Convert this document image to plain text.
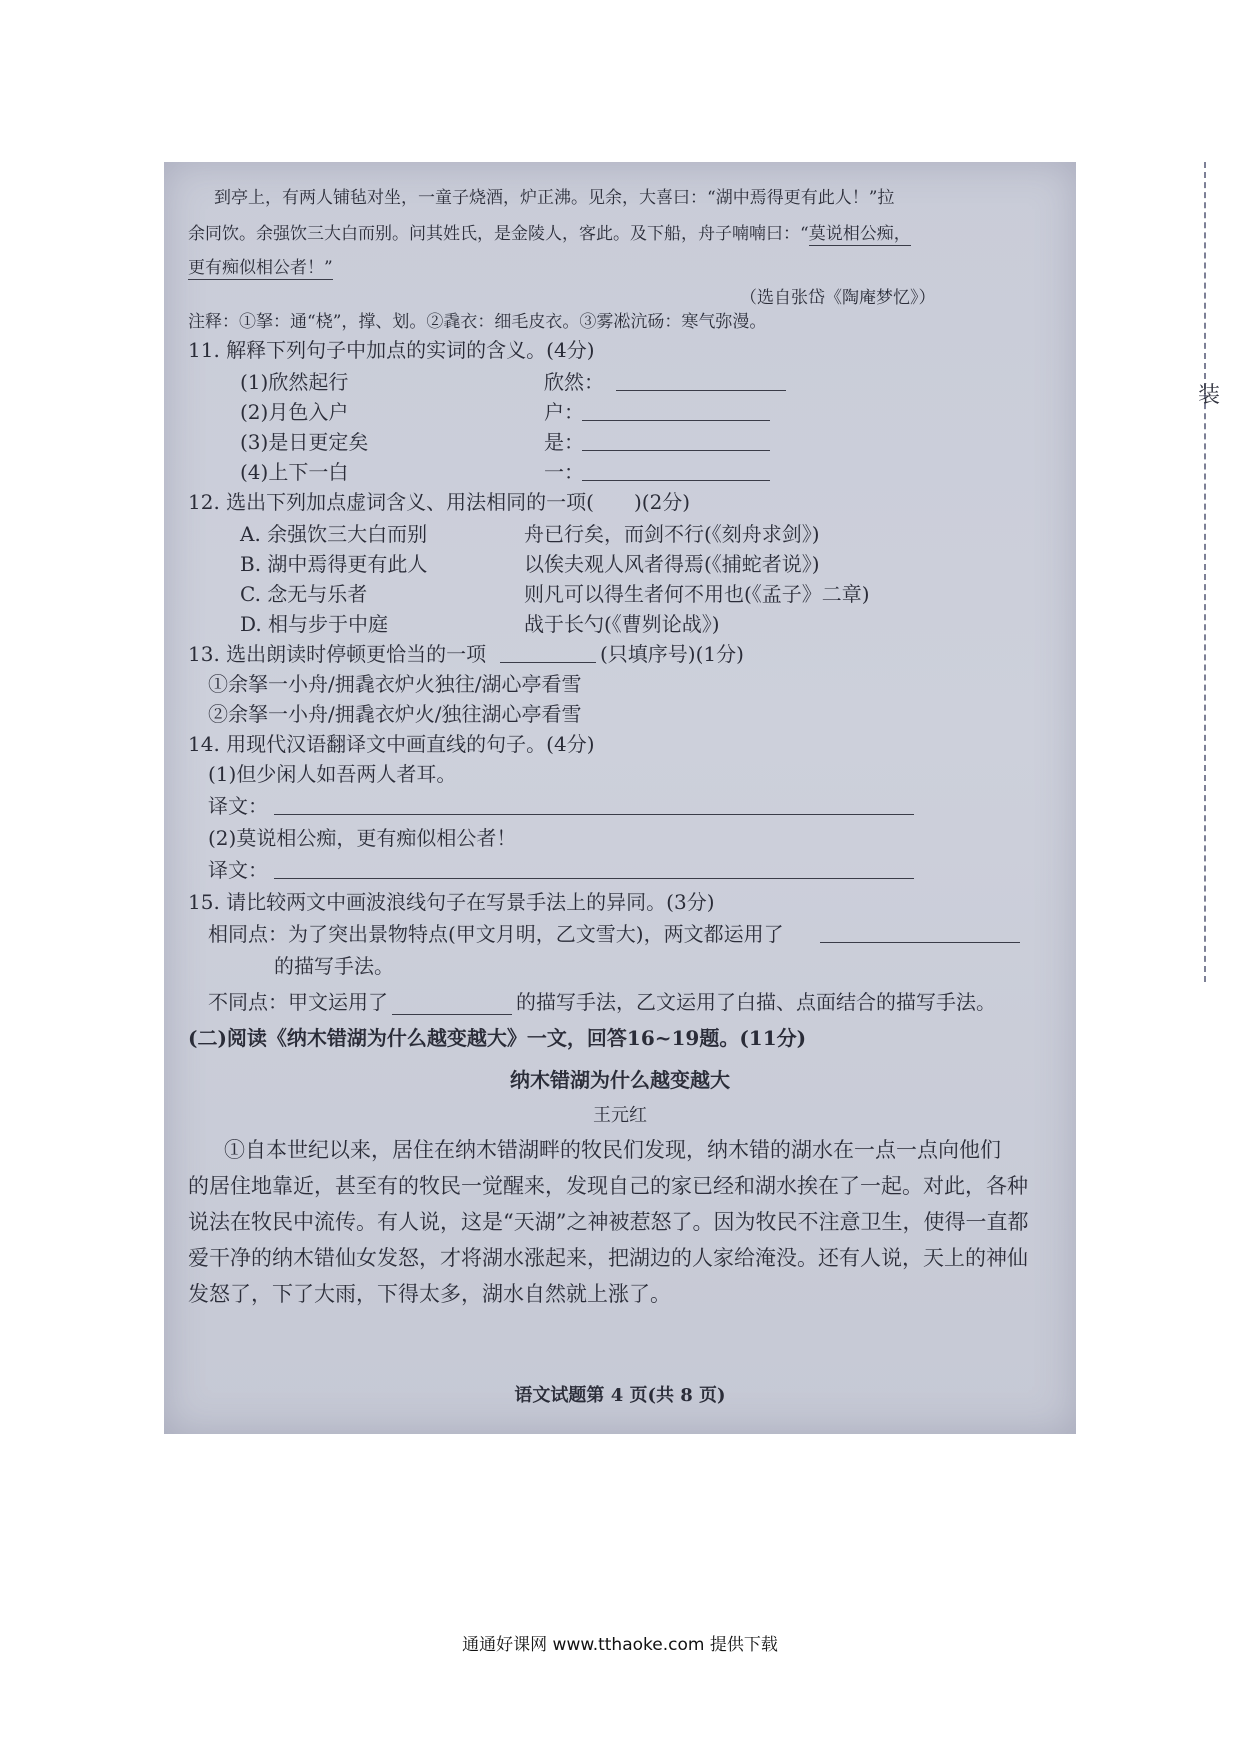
装
到亭上，有两人铺毡对坐，一童子烧酒，炉正沸。见余，大喜曰：“湖中焉得更有此人！”拉
余同饮。余强饮三大白而别。问其姓氏，是金陵人，客此。及下船，舟子喃喃曰：“莫说相公痴，
更有痴似相公者！”
（选自张岱《陶庵梦忆》）
注释：①拏：通“桡”，撑、划。②毳衣：细毛皮衣。③雾凇沆砀：寒气弥漫。
11. 解释下列句子中加点的实词的含义。(4分)
(1)欣然起行	欣然：
(2)月色入户	户：
(3)是日更定矣	是：
(4)上下一白	一：
12. 选出下列加点虚词含义、用法相同的一项(　　)(2分)
A. 余强饮三大白而别	舟已行矣，而剑不行(《刻舟求剑》)
B. 湖中焉得更有此人	以俟夫观人风者得焉(《捕蛇者说》)
C. 念无与乐者	则凡可以得生者何不用也(《孟子》二章)
D. 相与步于中庭	战于长勺(《曹刿论战》)
13. 选出朗读时停顿更恰当的一项	(只填序号)(1分)
①余拏一小舟/拥毳衣炉火独往/湖心亭看雪
②余拏一小舟/拥毳衣炉火/独往湖心亭看雪
14. 用现代汉语翻译文中画直线的句子。(4分)
(1)但少闲人如吾两人者耳。
译文：
(2)莫说相公痴，更有痴似相公者！
译文：
15. 请比较两文中画波浪线句子在写景手法上的异同。(3分)
相同点：为了突出景物特点(甲文月明，乙文雪大)，两文都运用了
的描写手法。
不同点：甲文运用了	的描写手法，乙文运用了白描、点面结合的描写手法。
(二)阅读《纳木错湖为什么越变越大》一文，回答16~19题。(11分)
纳木错湖为什么越变越大
王元红
①自本世纪以来，居住在纳木错湖畔的牧民们发现，纳木错的湖水在一点一点向他们
的居住地靠近，甚至有的牧民一觉醒来，发现自己的家已经和湖水挨在了一起。对此，各种
说法在牧民中流传。有人说，这是“天湖”之神被惹怒了。因为牧民不注意卫生，使得一直都
爱干净的纳木错仙女发怒，才将湖水涨起来，把湖边的人家给淹没。还有人说，天上的神仙
发怒了，下了大雨，下得太多，湖水自然就上涨了。
语文试题第 4 页(共 8 页)
通通好课网 www.tthaoke.com 提供下载
